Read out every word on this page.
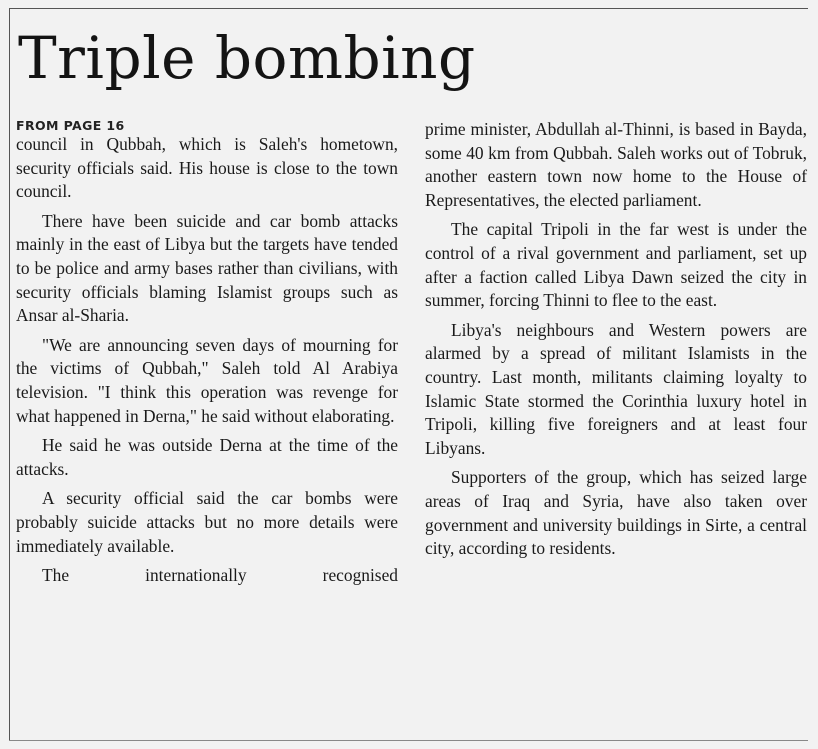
Triple bombing
FROM PAGE 16

council in Qubbah, which is Saleh's hometown, security officials said. His house is close to the town council.

There have been suicide and car bomb attacks mainly in the east of Libya but the targets have tended to be police and army bases rather than civilians, with security officials blaming Islamist groups such as Ansar al-Sharia.

"We are announcing seven days of mourning for the victims of Qubbah," Saleh told Al Arabiya television. "I think this operation was revenge for what happened in Derna," he said without elaborating.

He said he was outside Derna at the time of the attacks.

A security official said the car bombs were probably suicide attacks but no more details were immediately available.

The internationally recognised

prime minister, Abdullah al-Thinni, is based in Bayda, some 40 km from Qubbah. Saleh works out of Tobruk, another eastern town now home to the House of Representatives, the elected parliament.

The capital Tripoli in the far west is under the control of a rival government and parliament, set up after a faction called Libya Dawn seized the city in summer, forcing Thinni to flee to the east.

Libya's neighbours and Western powers are alarmed by a spread of militant Islamists in the country. Last month, militants claiming loyalty to Islamic State stormed the Corinthia luxury hotel in Tripoli, killing five foreigners and at least four Libyans.

Supporters of the group, which has seized large areas of Iraq and Syria, have also taken over government and university buildings in Sirte, a central city, according to residents.
